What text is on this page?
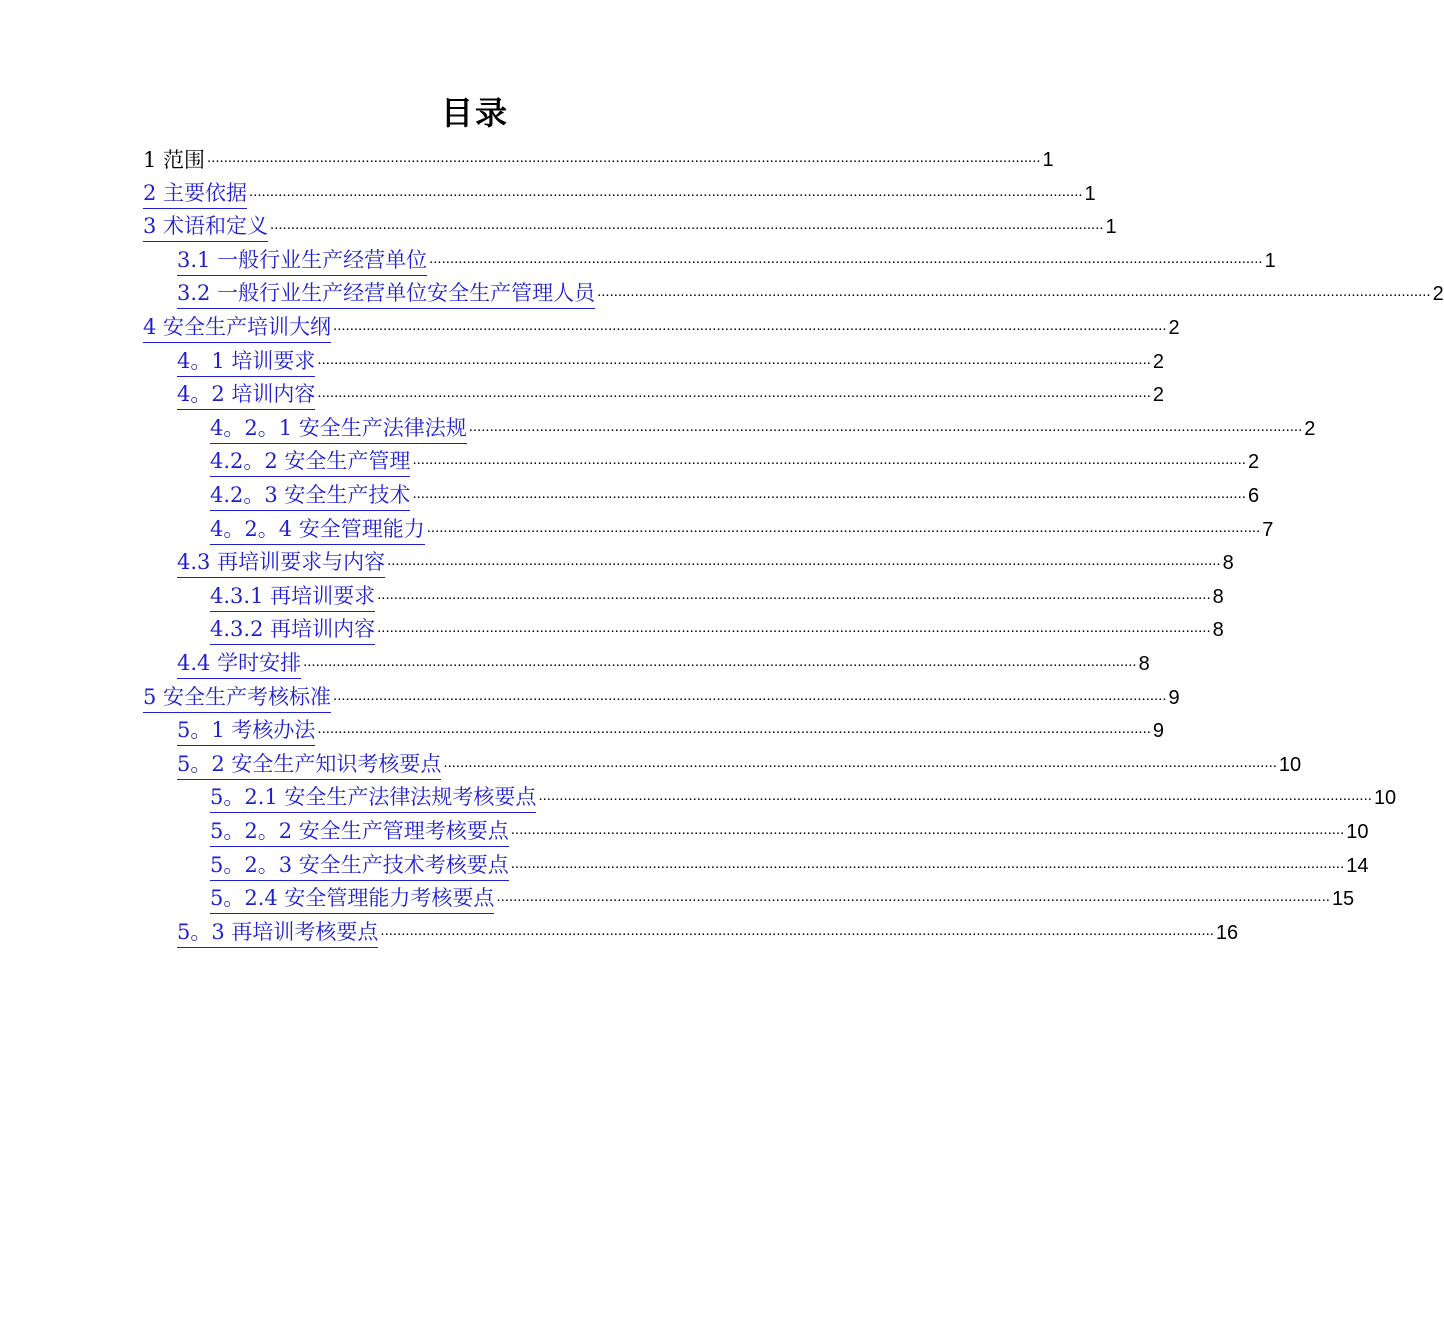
目录
1 范围 ........................................................................................................................................................................................................ 1
2 主要依据 ........................................................................................................................................................................................................ 1
3 术语和定义 ........................................................................................................................................................................................................ 1
3.1 一般行业生产经营单位 ........................................................................................................................................................................................................ 1
3.2 一般行业生产经营单位安全生产管理人员 ........................................................................................................................................................................................................ 2
4 安全生产培训大纲 ........................................................................................................................................................................................................ 2
4。1 培训要求 ........................................................................................................................................................................................................ 2
4。2 培训内容 ........................................................................................................................................................................................................ 2
4。2。1 安全生产法律法规 ........................................................................................................................................................................................................ 2
4.2。2 安全生产管理 ........................................................................................................................................................................................................ 2
4.2。3 安全生产技术 ........................................................................................................................................................................................................ 6
4。2。4 安全管理能力 ........................................................................................................................................................................................................ 7
4.3 再培训要求与内容 ........................................................................................................................................................................................................ 8
4.3.1 再培训要求 ........................................................................................................................................................................................................ 8
4.3.2 再培训内容 ........................................................................................................................................................................................................ 8
4.4 学时安排 ........................................................................................................................................................................................................ 8
5 安全生产考核标准 ........................................................................................................................................................................................................ 9
5。1 考核办法 ........................................................................................................................................................................................................ 9
5。2 安全生产知识考核要点 ........................................................................................................................................................................................................ 10
5。2.1 安全生产法律法规考核要点 ........................................................................................................................................................................................................ 10
5。2。2 安全生产管理考核要点 ........................................................................................................................................................................................................ 10
5。2。3 安全生产技术考核要点 ........................................................................................................................................................................................................ 14
5。2.4 安全管理能力考核要点 ........................................................................................................................................................................................................ 15
5。3 再培训考核要点 ........................................................................................................................................................................................................ 16
